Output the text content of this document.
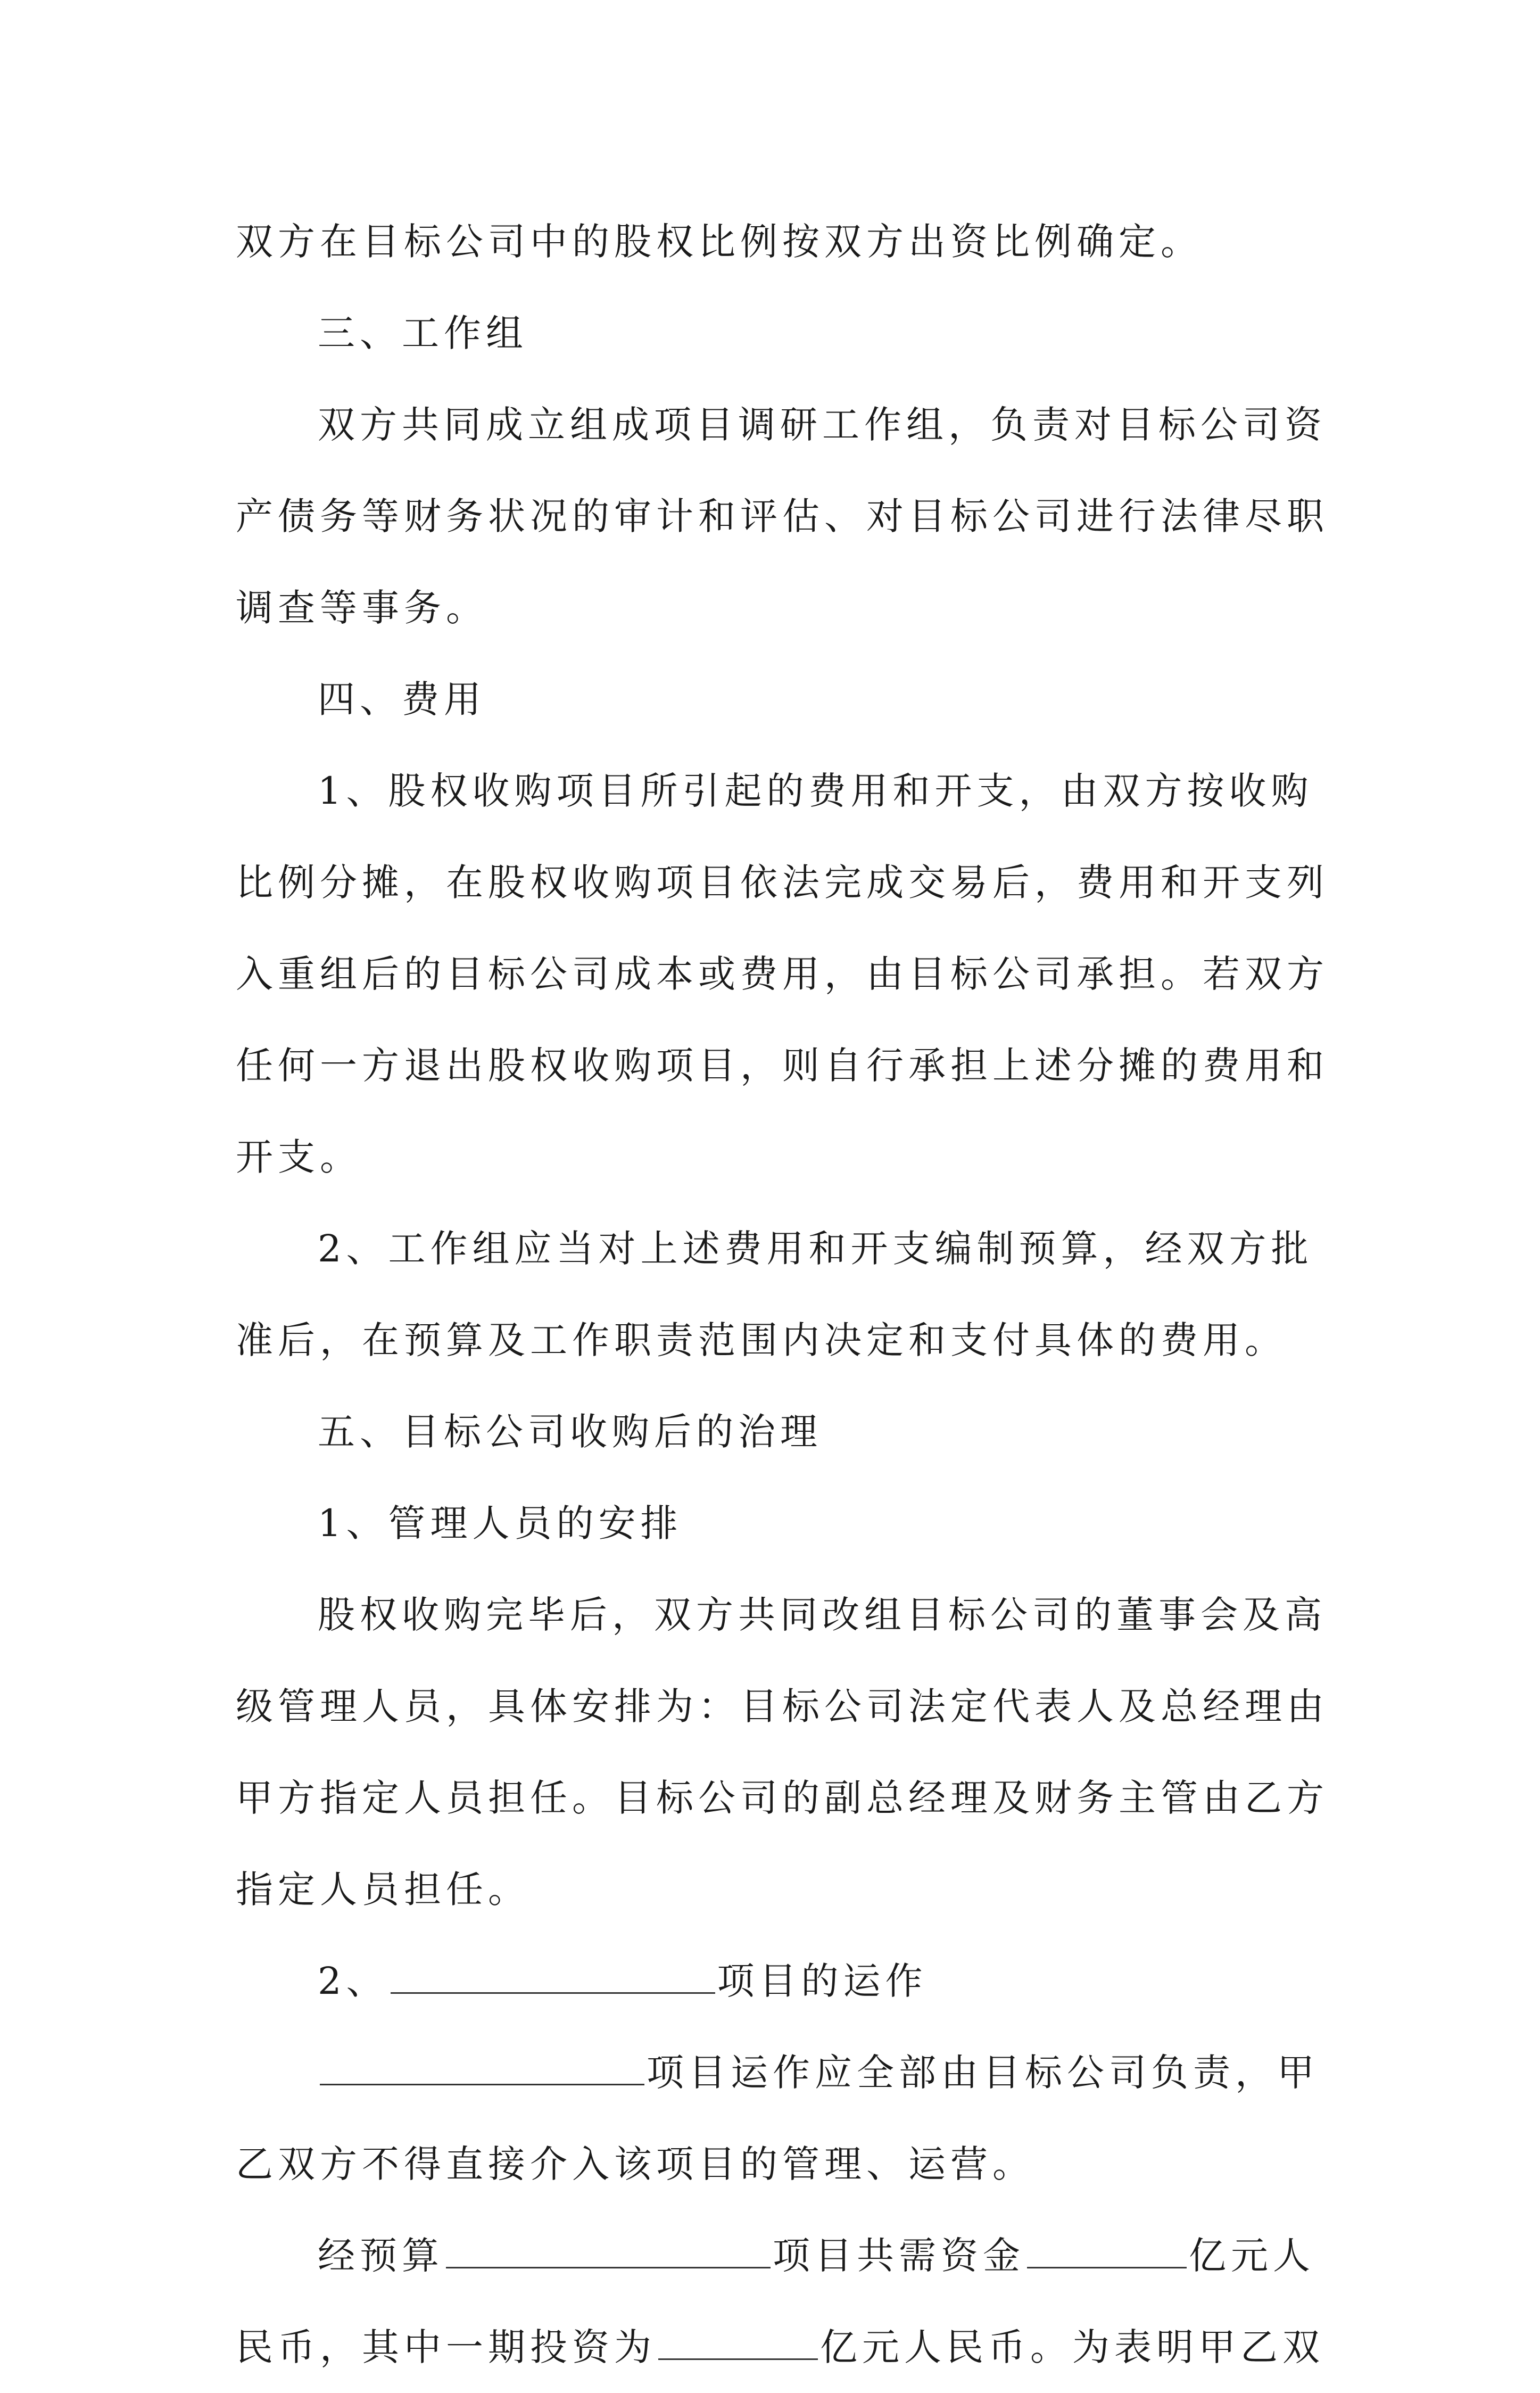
双方在目标公司中的股权比例按双方出资比例确定。
三、工作组
双方共同成立组成项目调研工作组，负责对目标公司资
产债务等财务状况的审计和评估、对目标公司进行法律尽职
调查等事务。
四、费用
1、股权收购项目所引起的费用和开支，由双方按收购
比例分摊，在股权收购项目依法完成交易后，费用和开支列
入重组后的目标公司成本或费用，由目标公司承担。若双方
任何一方退出股权收购项目，则自行承担上述分摊的费用和
开支。
2、工作组应当对上述费用和开支编制预算，经双方批
准后，在预算及工作职责范围内决定和支付具体的费用。
五、目标公司收购后的治理
1、管理人员的安排
股权收购完毕后，双方共同改组目标公司的董事会及高
级管理人员，具体安排为：目标公司法定代表人及总经理由
甲方指定人员担任。目标公司的副总经理及财务主管由乙方
指定人员担任。
2、	项目的运作
项目运作应全部由目标公司负责，甲
乙双方不得直接介入该项目的管理、运营。
经预算	项目共需资金	亿元人
民币，其中一期投资为	亿元人民币。为表明甲乙双
